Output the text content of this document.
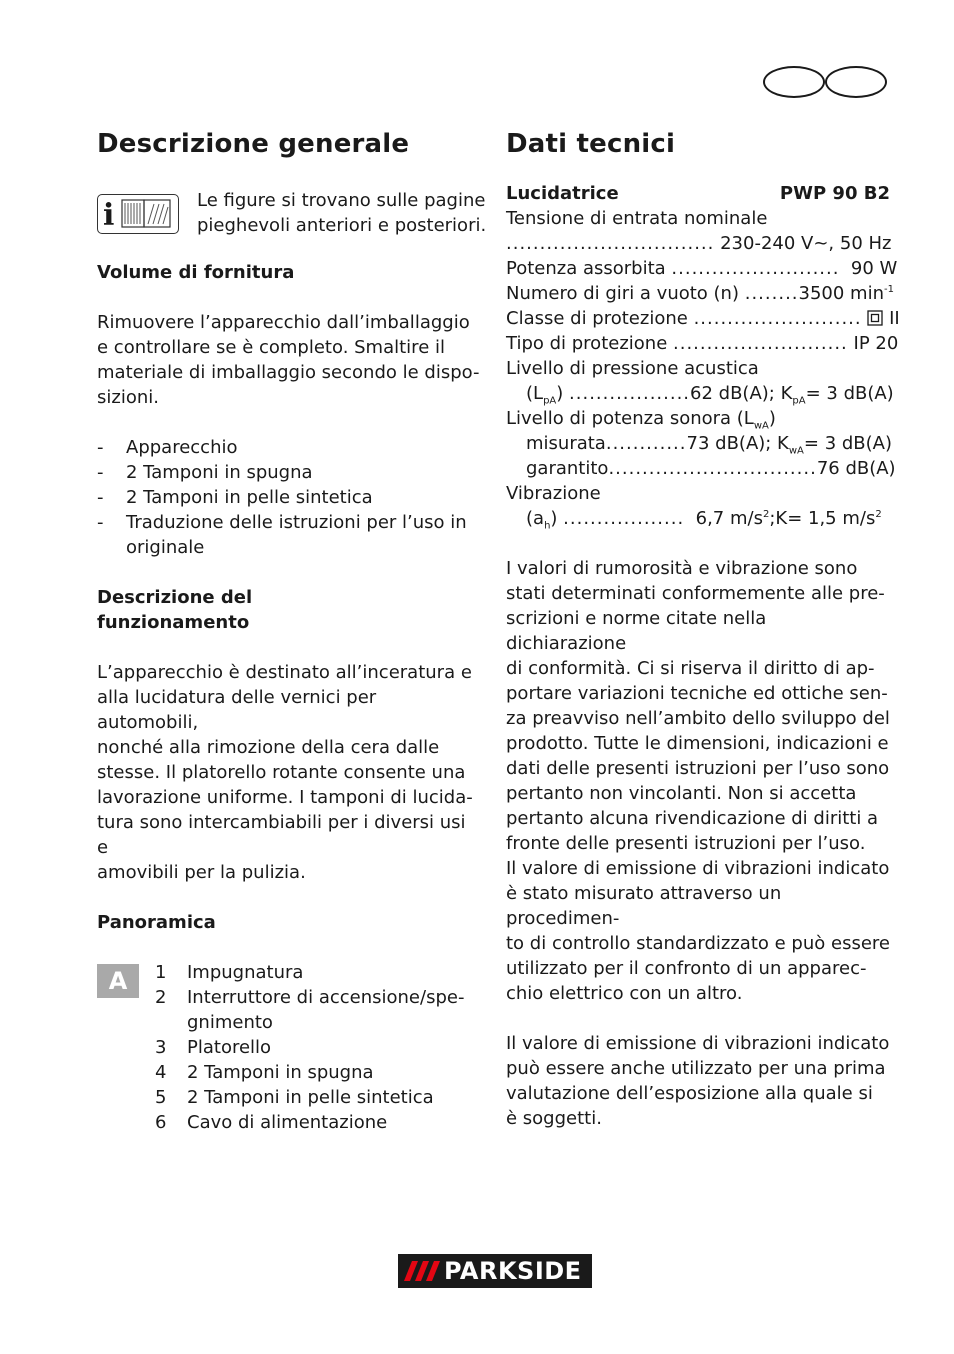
Descrizione generale
i	Le figure si trovano sulle pagine
pieghevoli anteriori e posteriori.
Volume di fornitura

Rimuovere l’apparecchio dall’imballaggio

e controllare se è completo. Smaltire il

materiale di imballaggio secondo le dispo-

sizioni.

- Apparecchio
- 2 Tamponi in spugna
- 2 Tamponi in pelle sintetica
- Traduzione delle istruzioni per l’uso in
originale
Descrizione del
funzionamento

L’apparecchio è destinato all’inceratura e

alla lucidatura delle vernici per automobili,

nonché alla rimozione della cera dalle

stesse. Il platorello rotante consente una

lavorazione uniforme. I tamponi di lucida-

tura sono intercambiabili per i diversi usi e

amovibili per la pulizia.

Panoramica
A	1 Impugnatura
2 Interruttore di accensione/spe-
gnimento
3 Platorello
4 2 Tamponi in spugna
5 2 Tamponi in pelle sintetica
6 Cavo di alimentazione
Dati tecnici
Lucidatrice	PWP 90 B2
Tensione di entrata nominale
............................... 230-240 V~, 50 Hz
Potenza assorbita ......................... 90 W
Numero di giri a vuoto (n) ........3500 $\min^{-1}$
Classe di protezione ......................... II
Tipo di protezione .......................... IP 20
Livello di pressione acustica
$(L_{pA})$ ..................62 dB(A); $K_{pA}= 3$ dB(A)
Livello di potenza sonora $(L_{wA})$
misurata............73 dB(A); $K_{wA}= 3$ dB(A)
garantito...............................76 dB(A)
Vibrazione
$(a_h)$ .................. 6,7 $m/s^2;K= 1,5$ $m/s^2$

I valori di rumorosità e vibrazione sono

stati determinati conformemente alle pre-

scrizioni e norme citate nella dichiarazione

di conformità. Ci si riserva il diritto di ap-

portare variazioni tecniche ed ottiche sen-

za preavviso nell’ambito dello sviluppo del

prodotto. Tutte le dimensioni, indicazioni e

dati delle presenti istruzioni per l’uso sono

pertanto non vincolanti. Non si accetta

pertanto alcuna rivendicazione di diritti a

fronte delle presenti istruzioni per l’uso.

Il valore di emissione di vibrazioni indicato

è stato misurato attraverso un procedimen-

to di controllo standardizzato e può essere

utilizzato per il confronto di un apparec-

chio elettrico con un altro.

Il valore di emissione di vibrazioni indicato

può essere anche utilizzato per una prima

valutazione dell’esposizione alla quale si

è soggetti.

PARKSIDE
